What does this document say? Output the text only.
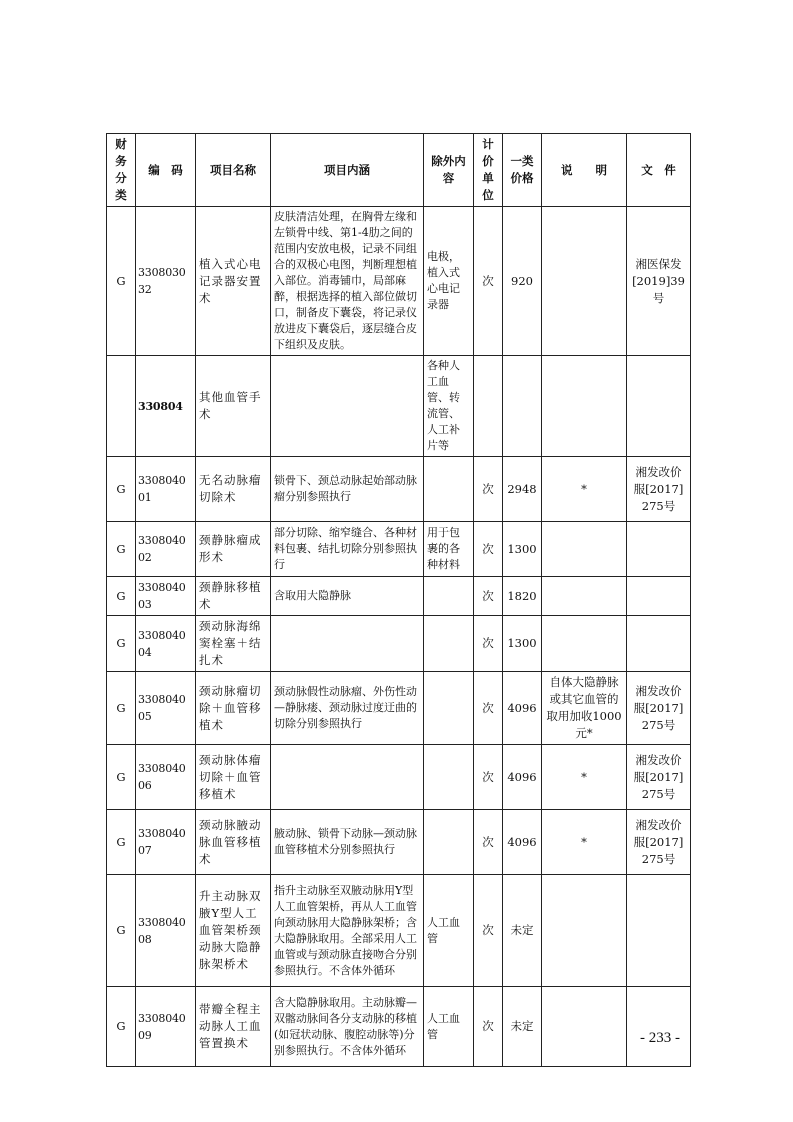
财务分类	编　码	项目名称	项目内涵	除外内容	计价单位	一类价格	说　　明	文　件
G	330803032	植入式心电记录器安置术	皮肤清洁处理，在胸骨左缘和左锁骨中线、第1-4肋之间的范围内安放电极，记录不同组合的双极心电图，判断理想植入部位。消毒铺巾，局部麻醉，根据选择的植入部位做切口，制备皮下囊袋，将记录仪放进皮下囊袋后，逐层缝合皮下组织及皮肤。	电极，植入式心电记录器	次	920		湘医保发[2019]39号
	330804	其他血管手术		各种人工血管、转流管、人工补片等				
G	330804001	无名动脉瘤切除术	锁骨下、颈总动脉起始部动脉瘤分别参照执行		次	2948	*	湘发改价服[2017]275号
G	330804002	颈静脉瘤成形术	部分切除、缩窄缝合、各种材料包裹、结扎切除分别参照执行	用于包裹的各种材料	次	1300		
G	330804003	颈静脉移植术	含取用大隐静脉		次	1820		
G	330804004	颈动脉海绵窦栓塞＋结扎术			次	1300		
G	330804005	颈动脉瘤切除＋血管移植术	颈动脉假性动脉瘤、外伤性动—静脉瘘、颈动脉过度迂曲的切除分别参照执行		次	4096	自体大隐静脉或其它血管的取用加收1000元*	湘发改价服[2017]275号
G	330804006	颈动脉体瘤切除＋血管移植术			次	4096	*	湘发改价服[2017]275号
G	330804007	颈动脉腋动脉血管移植术	腋动脉、锁骨下动脉—颈动脉血管移植术分别参照执行		次	4096	*	湘发改价服[2017]275号
G	330804008	升主动脉双腋Y型人工血管架桥颈动脉大隐静脉架桥术	指升主动脉至双腋动脉用Y型人工血管架桥，再从人工血管向颈动脉用大隐静脉架桥；含大隐静脉取用。全部采用人工血管或与颈动脉直接吻合分别参照执行。不含体外循环	人工血管	次	未定		
G	330804009	带瓣全程主动脉人工血管置换术	含大隐静脉取用。主动脉瓣—双髂动脉间各分支动脉的移植(如冠状动脉、腹腔动脉等)分别参照执行。不含体外循环	人工血管	次	未定		
- 233 -
